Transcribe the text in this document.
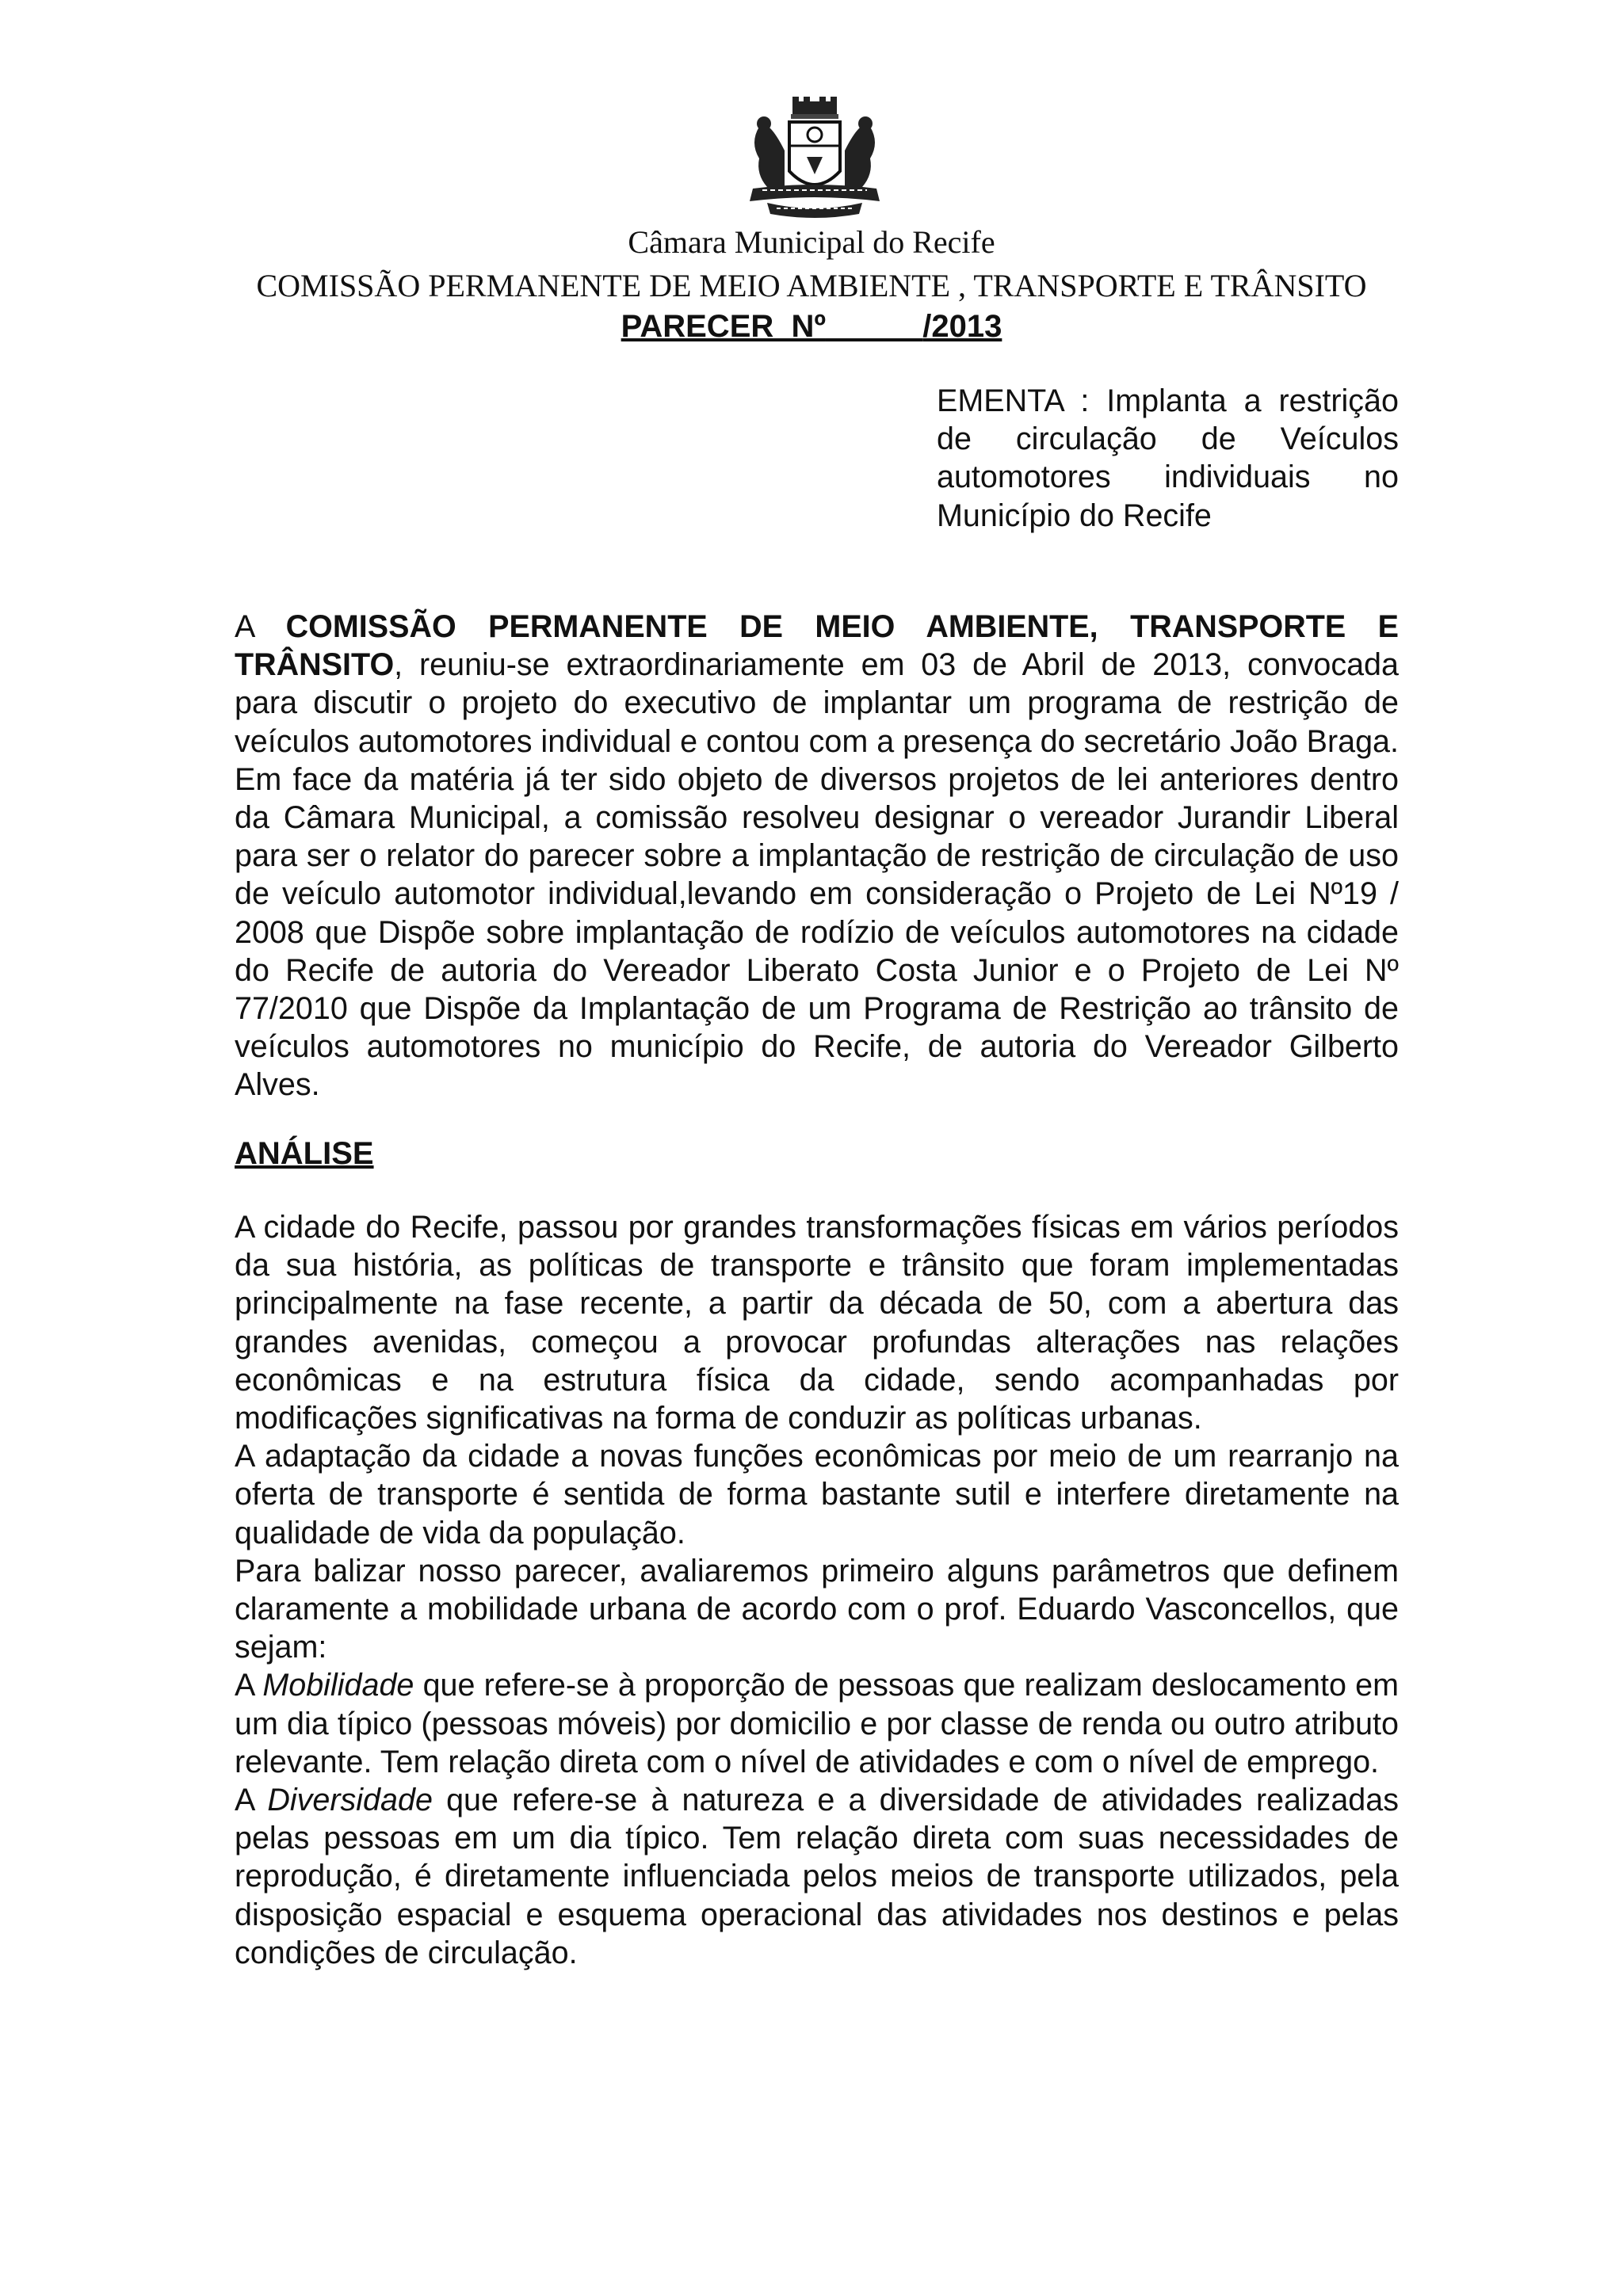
Câmara Municipal do Recife
COMISSÃO PERMANENTE DE MEIO AMBIENTE , TRANSPORTE E TRÂNSITO
PARECER  Nº	/2013

EMENTA : Implanta a restrição de circulação de Veículos automotores individuais no Município do Recife

A COMISSÃO PERMANENTE DE MEIO AMBIENTE, TRANSPORTE E TRÂNSITO, reuniu-se extraordinariamente em 03 de Abril de 2013, convocada para discutir o projeto do executivo de implantar um programa de restrição de veículos automotores individual e contou com a presença do secretário João Braga. Em face da matéria já ter sido objeto de diversos projetos de lei anteriores dentro da Câmara Municipal, a comissão resolveu designar o vereador Jurandir Liberal para ser o relator do parecer sobre a implantação de restrição de circulação de uso de veículo automotor individual,levando em consideração o Projeto de Lei Nº19 / 2008 que Dispõe sobre implantação de rodízio de veículos automotores na cidade do Recife de autoria do Vereador Liberato Costa Junior e o Projeto de Lei Nº 77/2010 que Dispõe da Implantação de um Programa de Restrição ao trânsito de veículos automotores no município do Recife, de autoria do Vereador Gilberto Alves.

ANÁLISE

A cidade do Recife, passou por grandes transformações físicas em vários períodos da sua história, as políticas de transporte e trânsito que foram implementadas principalmente na fase recente, a partir da década de 50, com a abertura das grandes avenidas, começou a provocar profundas alterações nas relações econômicas e na estrutura física da cidade, sendo acompanhadas por modificações significativas na forma de conduzir as políticas urbanas.

A adaptação da cidade a novas funções econômicas por meio de um rearranjo na oferta de transporte é sentida de forma bastante sutil e interfere diretamente na qualidade de vida da população.

Para balizar nosso parecer, avaliaremos primeiro alguns parâmetros que definem claramente a mobilidade urbana de acordo com o prof. Eduardo Vasconcellos, que sejam:

A Mobilidade que refere-se à proporção de pessoas que realizam deslocamento em um dia típico (pessoas móveis) por domicilio e por classe de renda ou outro atributo relevante. Tem relação direta com o nível de atividades e com o nível de emprego.

A Diversidade que refere-se à natureza e a diversidade de atividades realizadas pelas pessoas em um dia típico. Tem relação direta com suas necessidades de reprodução, é diretamente influenciada pelos meios de transporte utilizados, pela disposição espacial e esquema operacional das atividades nos destinos e pelas condições de circulação.
